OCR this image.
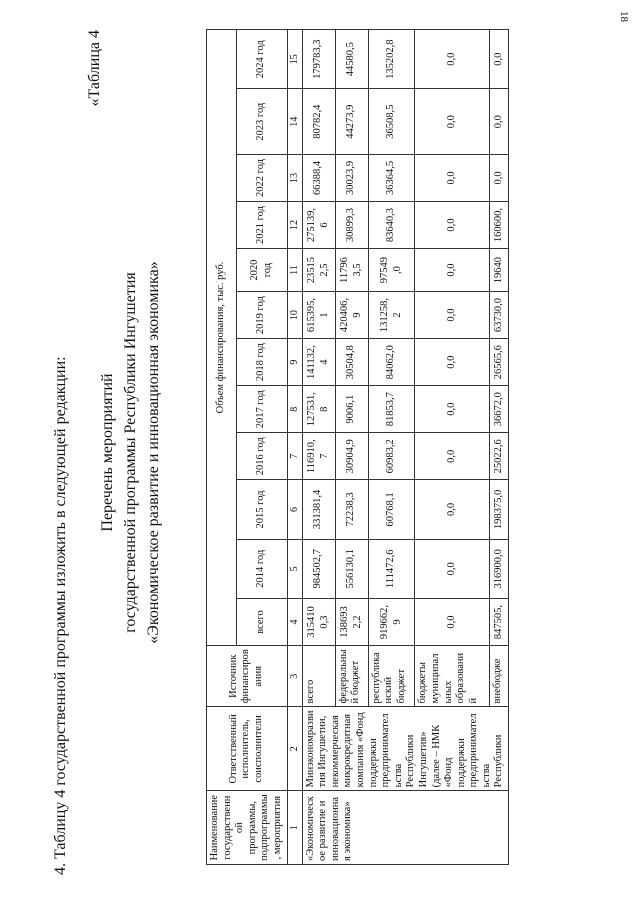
18
4. Таблицу 4 государственной программы изложить в следующей редакции:
«Таблица 4
Перечень мероприятий государственной программы Республики Ингушетия «Экономическое развитие и инновационная экономика»
Наименование государственной программы, подпрограммы, мероприятия	Ответственный исполнитель, соисполнители	Источник финансирования	Объем финансирования, тыс. руб.											
			всего	2014 год	2015 год	2016 год	2017 год	2018 год	2019 год	2020 год	2021 год	2022 год	2023 год	2024 год
1	2	3	4	5	6	7	8	9	10	11	12	13	14	15
«Экономическое развитие и инновационная экономика»	Минэкономразвития Ингушетии, некоммерческая микрокредитная компания «Фонд поддержки предпринимательства Республики Ингушетия» (далее – НМК «Фонд поддержки предпринимательства Республики	всего	315410 0,3	984502,7	331381,4	116910, 7	127531, 8	141132, 4	615395, 1	23515 2,5	275139, 6	66388,4	80782,4	179783,3
		федеральный бюджет	138693 2,2	556130,1	72238,3	30904,9	9006,1	30504,8	420406, 9	11796 3,5	30899,3	30023,9	44273,9	44580,5
		республиканский бюджет	919662, 9	111472,6	60768,1	60983,2	81853,7	84062,0	131258, 2	97549 ,0	83640,3	36364,5	36508,5	135202,8
		бюджеты муниципальных образований	0,0	0,0	0,0	0,0	0,0	0,0	0,0	0,0	0,0	0,0	0,0	0,0
		внебюдже	847505,	316900,0	198375,0	25022,6	36672,0	26565,6	63730,0	19640	160600,	0,0	0,0	0,0
